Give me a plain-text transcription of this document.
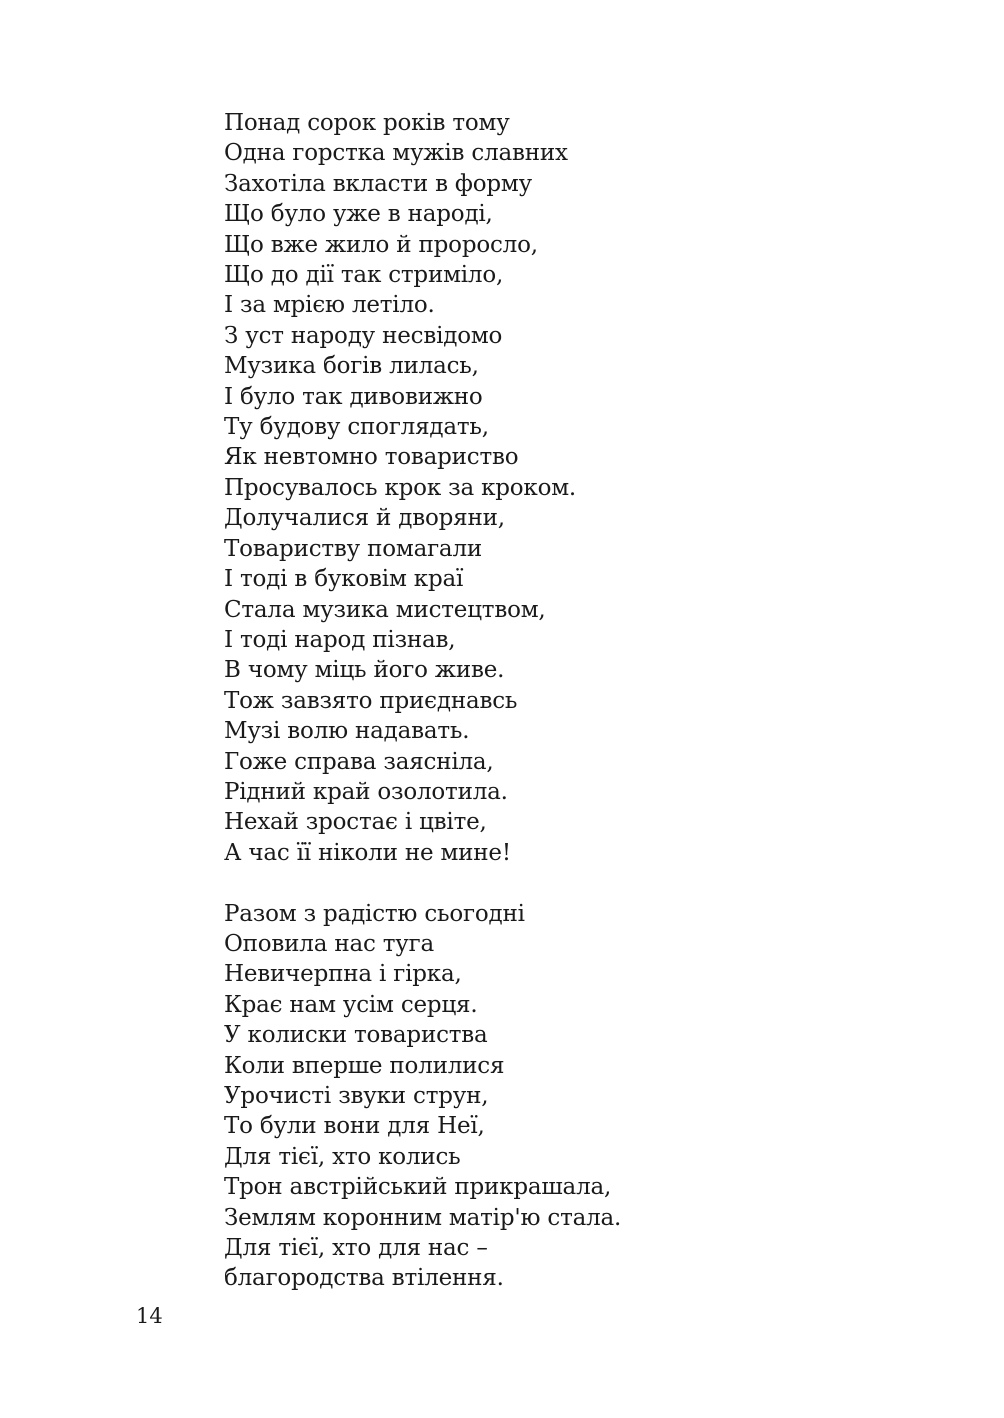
Понад сорок років тому
Одна горстка мужів славних
Захотіла вкласти в форму
Що було уже в народі,
Що вже жило й проросло,
Що до дії так стриміло,
І за мрією летіло.
З уст народу несвідомо
Музика богів лилась,
І було так дивовижно
Ту будову споглядать,
Як невтомно товариство
Просувалось крок за кроком.
Долучалися й дворяни,
Товариству помагали
І тоді в буковім краї
Стала музика мистецтвом,
І тоді народ пізнав,
В чому міць його живе.
Тож завзято приєднавсь
Музі волю надавать.
Гоже справа заясніла,
Рідний край озолотила.
Нехай зростає і цвіте,
А час її ніколи не мине!
Разом з радістю сьогодні
Оповила нас туга
Невичерпна і гірка,
Крає нам усім серця.
У колиски товариства
Коли вперше полилися
Урочисті звуки струн,
То були вони для Неї,
Для тієї, хто колись
Трон австрійський прикрашала,
Землям коронним матір'ю стала.
Для тієї, хто для нас –
благородства втілення.
14
